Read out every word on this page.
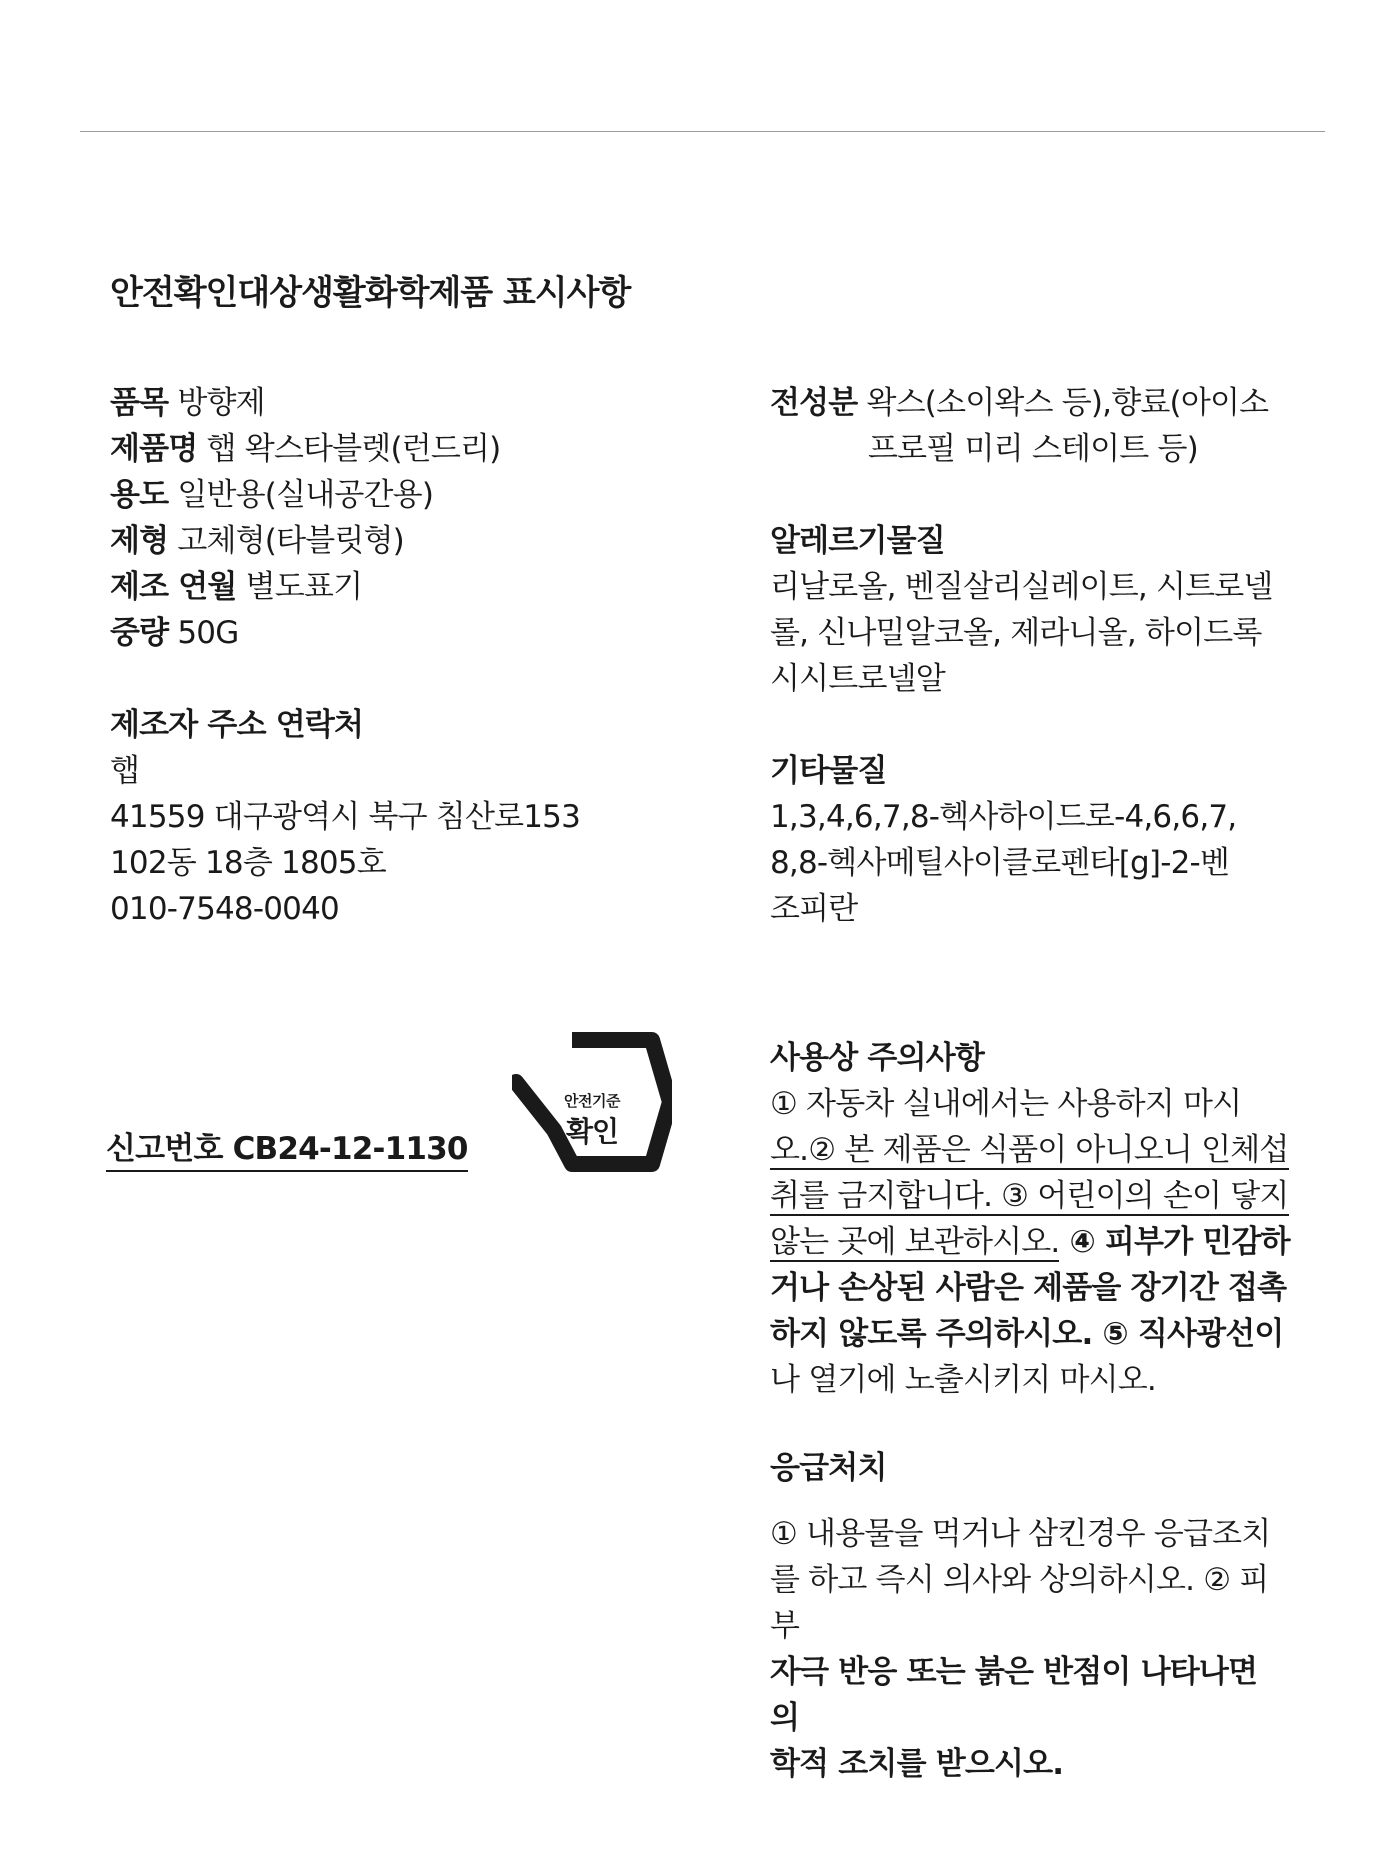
안전확인대상생활화학제품 표시사항
품목 방향제
제품명 햅 왁스타블렛(런드리)
용도 일반용(실내공간용)
제형 고체형(타블릿형)
제조 연월 별도표기
중량 50G
제조자 주소 연락처
햅
41559 대구광역시 북구 침산로153
102동 18층 1805호
010-7548-0040
신고번호 CB24-12-1130
안전기준
확인
전성분 왁스(소이왁스 등),향료(아이소
프로필 미리 스테이트 등)
알레르기물질
리날로올, 벤질살리실레이트, 시트로넬
롤, 신나밀알코올, 제라니올, 하이드록
시시트로넬알
기타물질
1,3,4,6,7,8-헥사하이드로-4,6,6,7,
8,8-헥사메틸사이클로펜타[g]-2-벤
조피란
사용상 주의사항
① 자동차 실내에서는 사용하지 마시
오.② 본 제품은 식품이 아니오니 인체섭
취를 금지합니다. ③ 어린이의 손이 닿지
않는 곳에 보관하시오. ④ 피부가 민감하
거나 손상된 사람은 제품을 장기간 접촉
하지 않도록 주의하시오. ⑤ 직사광선이
나 열기에 노출시키지 마시오.
응급처치
① 내용물을 먹거나 삼킨경우 응급조치
를 하고 즉시 의사와 상의하시오. ② 피부
자극 반응 또는 붉은 반점이 나타나면 의
학적 조치를 받으시오.
